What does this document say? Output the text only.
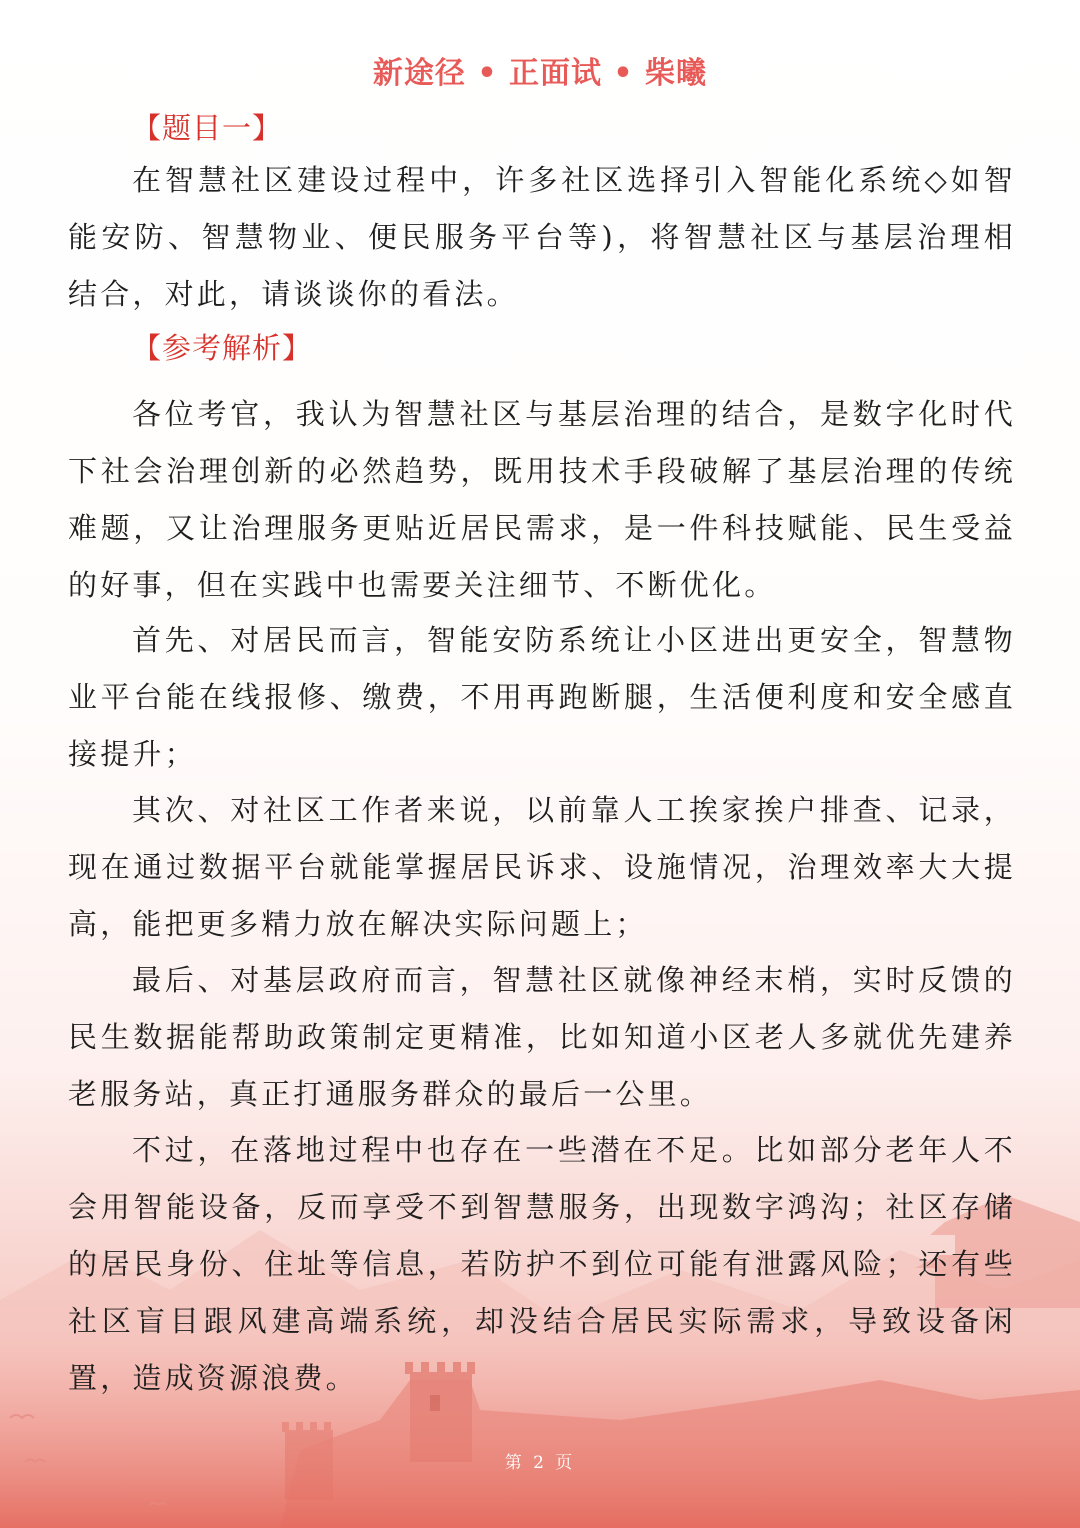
新途径 • 正面试 • 柴曦
【题目一】

在智慧社区建设过程中，许多社区选择引入智能化系统◇如智能安防、智慧物业、便民服务平台等)，将智慧社区与基层治理相结合，对此，请谈谈你的看法。

【参考解析】

各位考官，我认为智慧社区与基层治理的结合，是数字化时代下社会治理创新的必然趋势，既用技术手段破解了基层治理的传统难题，又让治理服务更贴近居民需求，是一件科技赋能、民生受益的好事，但在实践中也需要关注细节、不断优化。

首先、对居民而言，智能安防系统让小区进出更安全，智慧物业平台能在线报修、缴费，不用再跑断腿，生活便利度和安全感直接提升；

其次、对社区工作者来说，以前靠人工挨家挨户排查、记录，现在通过数据平台就能掌握居民诉求、设施情况，治理效率大大提高，能把更多精力放在解决实际问题上；

最后、对基层政府而言，智慧社区就像神经末梢，实时反馈的民生数据能帮助政策制定更精准，比如知道小区老人多就优先建养老服务站，真正打通服务群众的最后一公里。

不过，在落地过程中也存在一些潜在不足。比如部分老年人不会用智能设备，反而享受不到智慧服务，出现数字鸿沟；社区存储的居民身份、住址等信息，若防护不到位可能有泄露风险；还有些社区盲目跟风建高端系统，却没结合居民实际需求，导致设备闲置，造成资源浪费。

第 2 页
